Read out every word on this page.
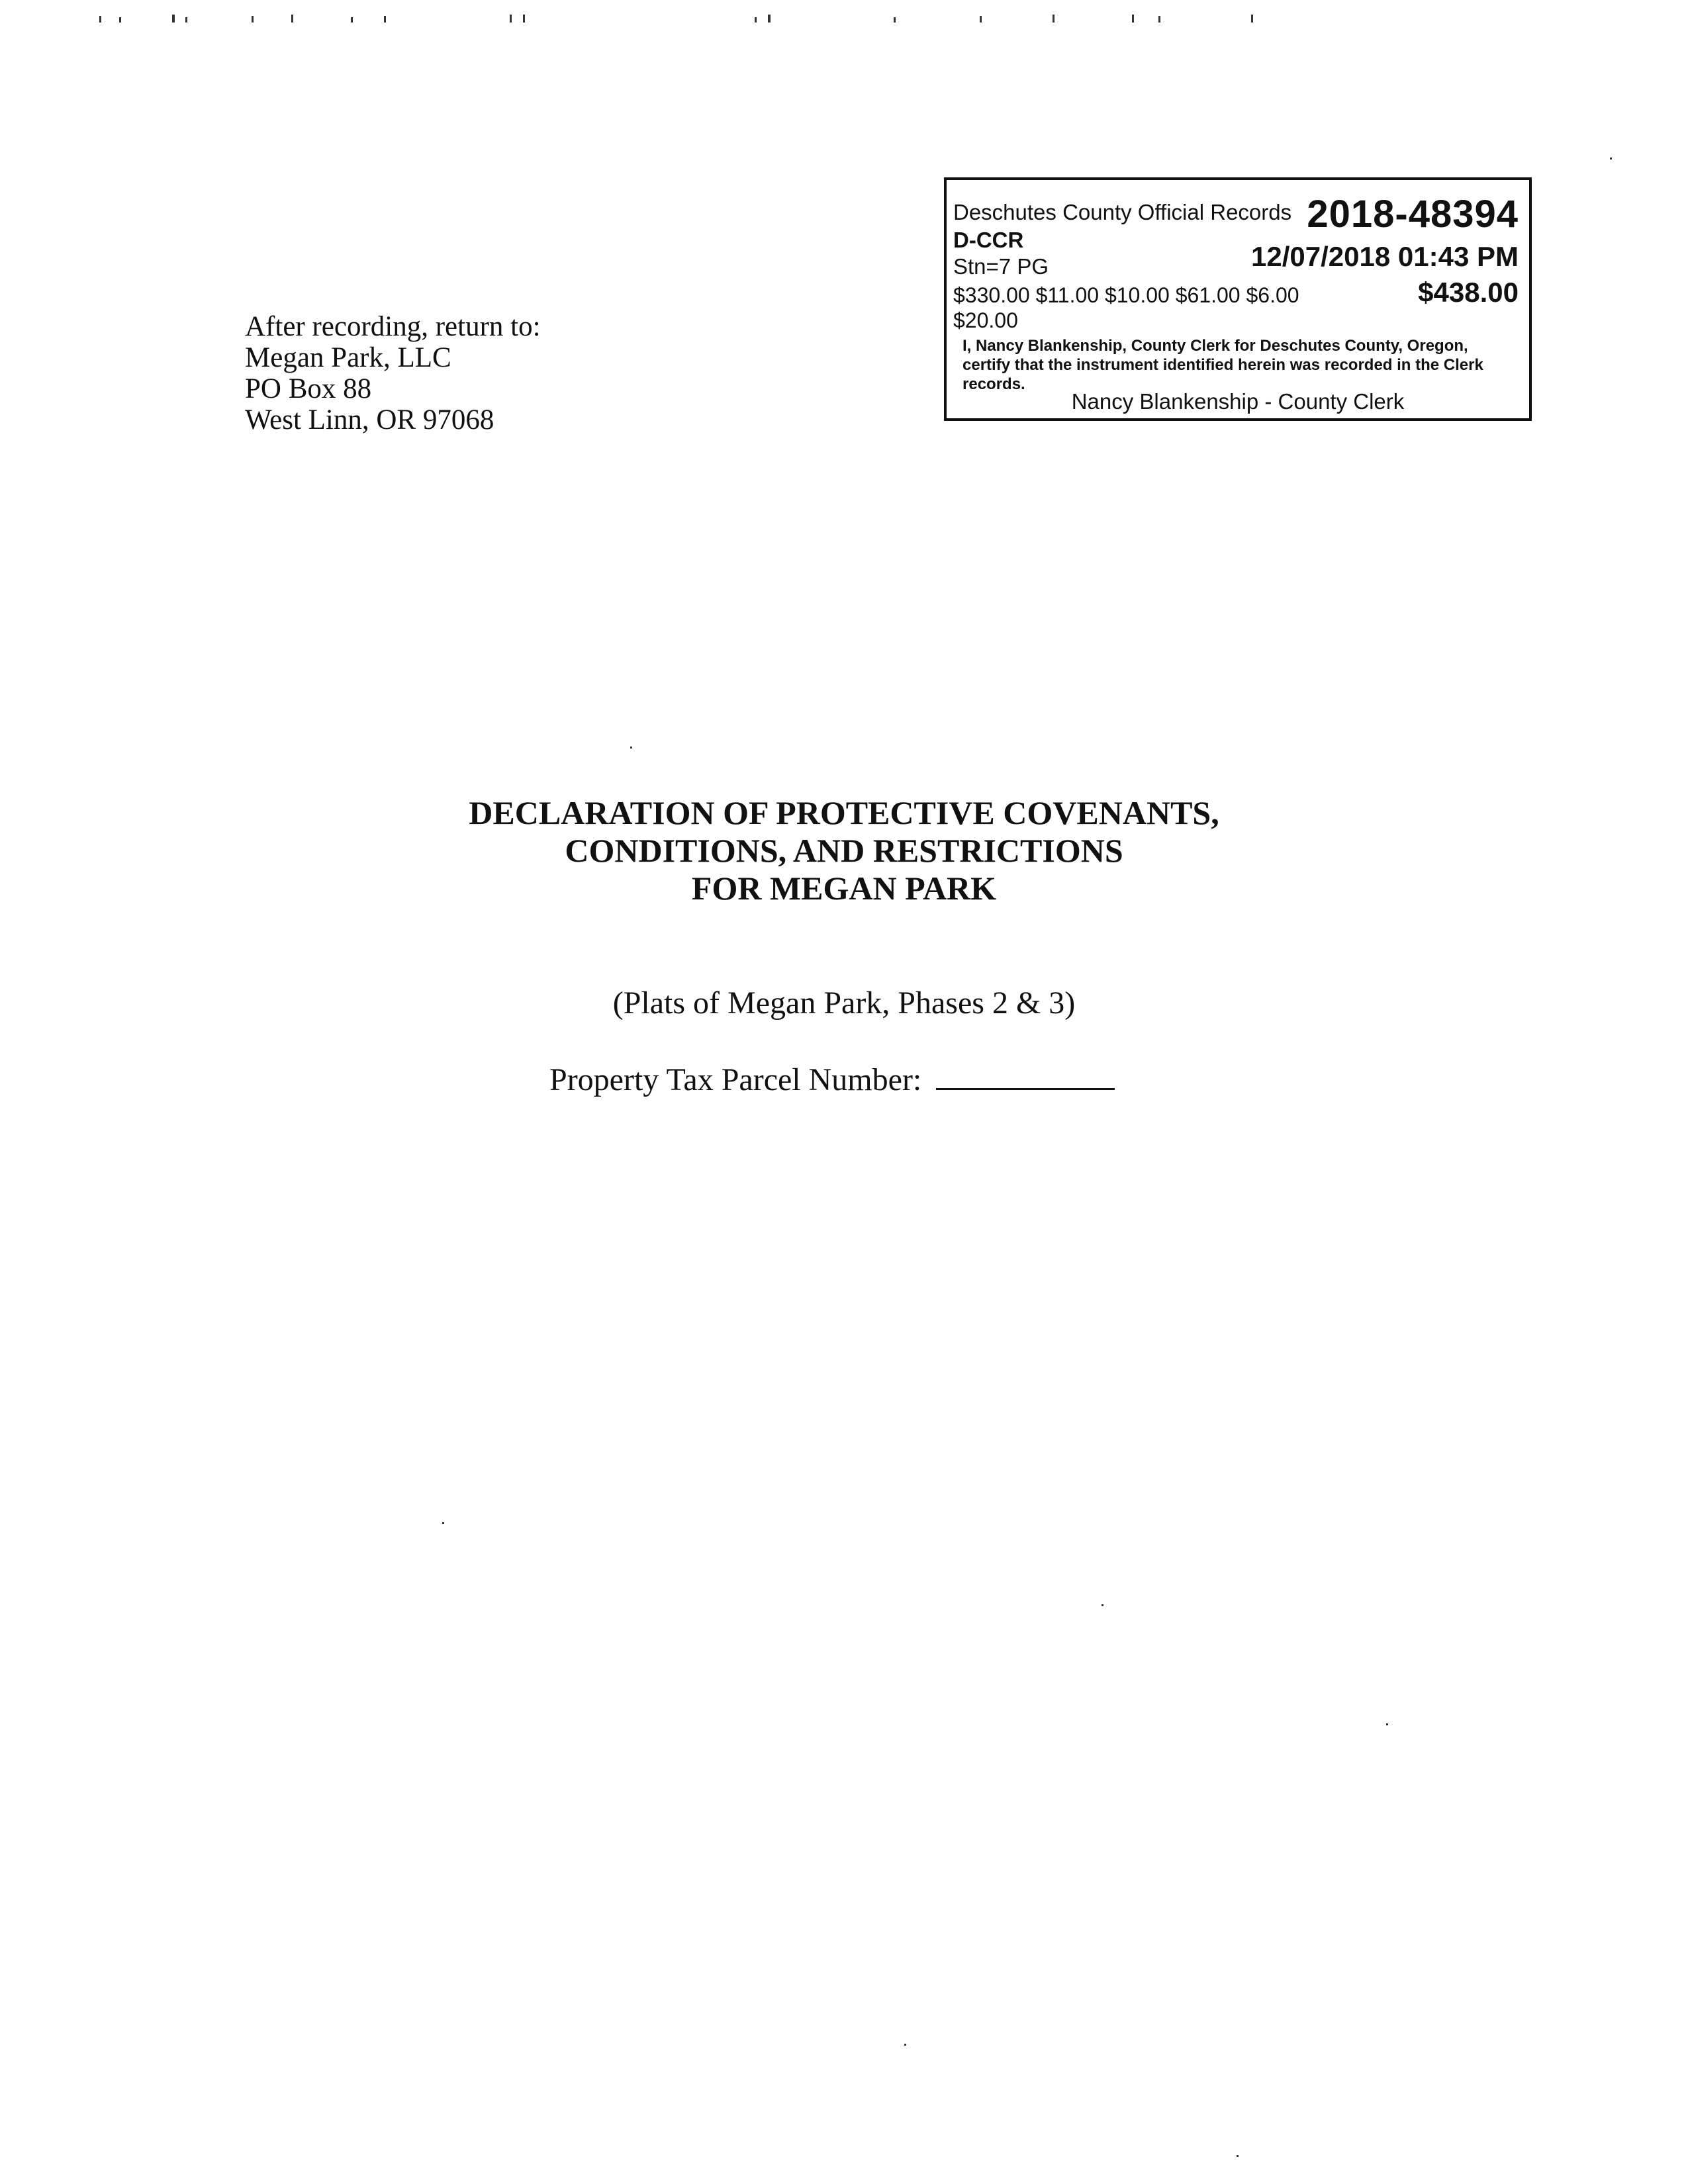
After recording, return to:
Megan Park, LLC
PO Box 88
West Linn, OR 97068
Deschutes County Official Records 2018-48394
D-CCR
Stn=7 PG	12/07/2018 01:43 PM
$330.00 $11.00 $10.00 $61.00 $6.00
$20.00
$438.00
I, Nancy Blankenship, County Clerk for Deschutes County, Oregon, certify that the instrument identified herein was recorded in the Clerk records.
Nancy Blankenship - County Clerk
DECLARATION OF PROTECTIVE COVENANTS,
CONDITIONS, AND RESTRICTIONS
FOR MEGAN PARK
(Plats of Megan Park, Phases 2 & 3)
Property Tax Parcel Number:
